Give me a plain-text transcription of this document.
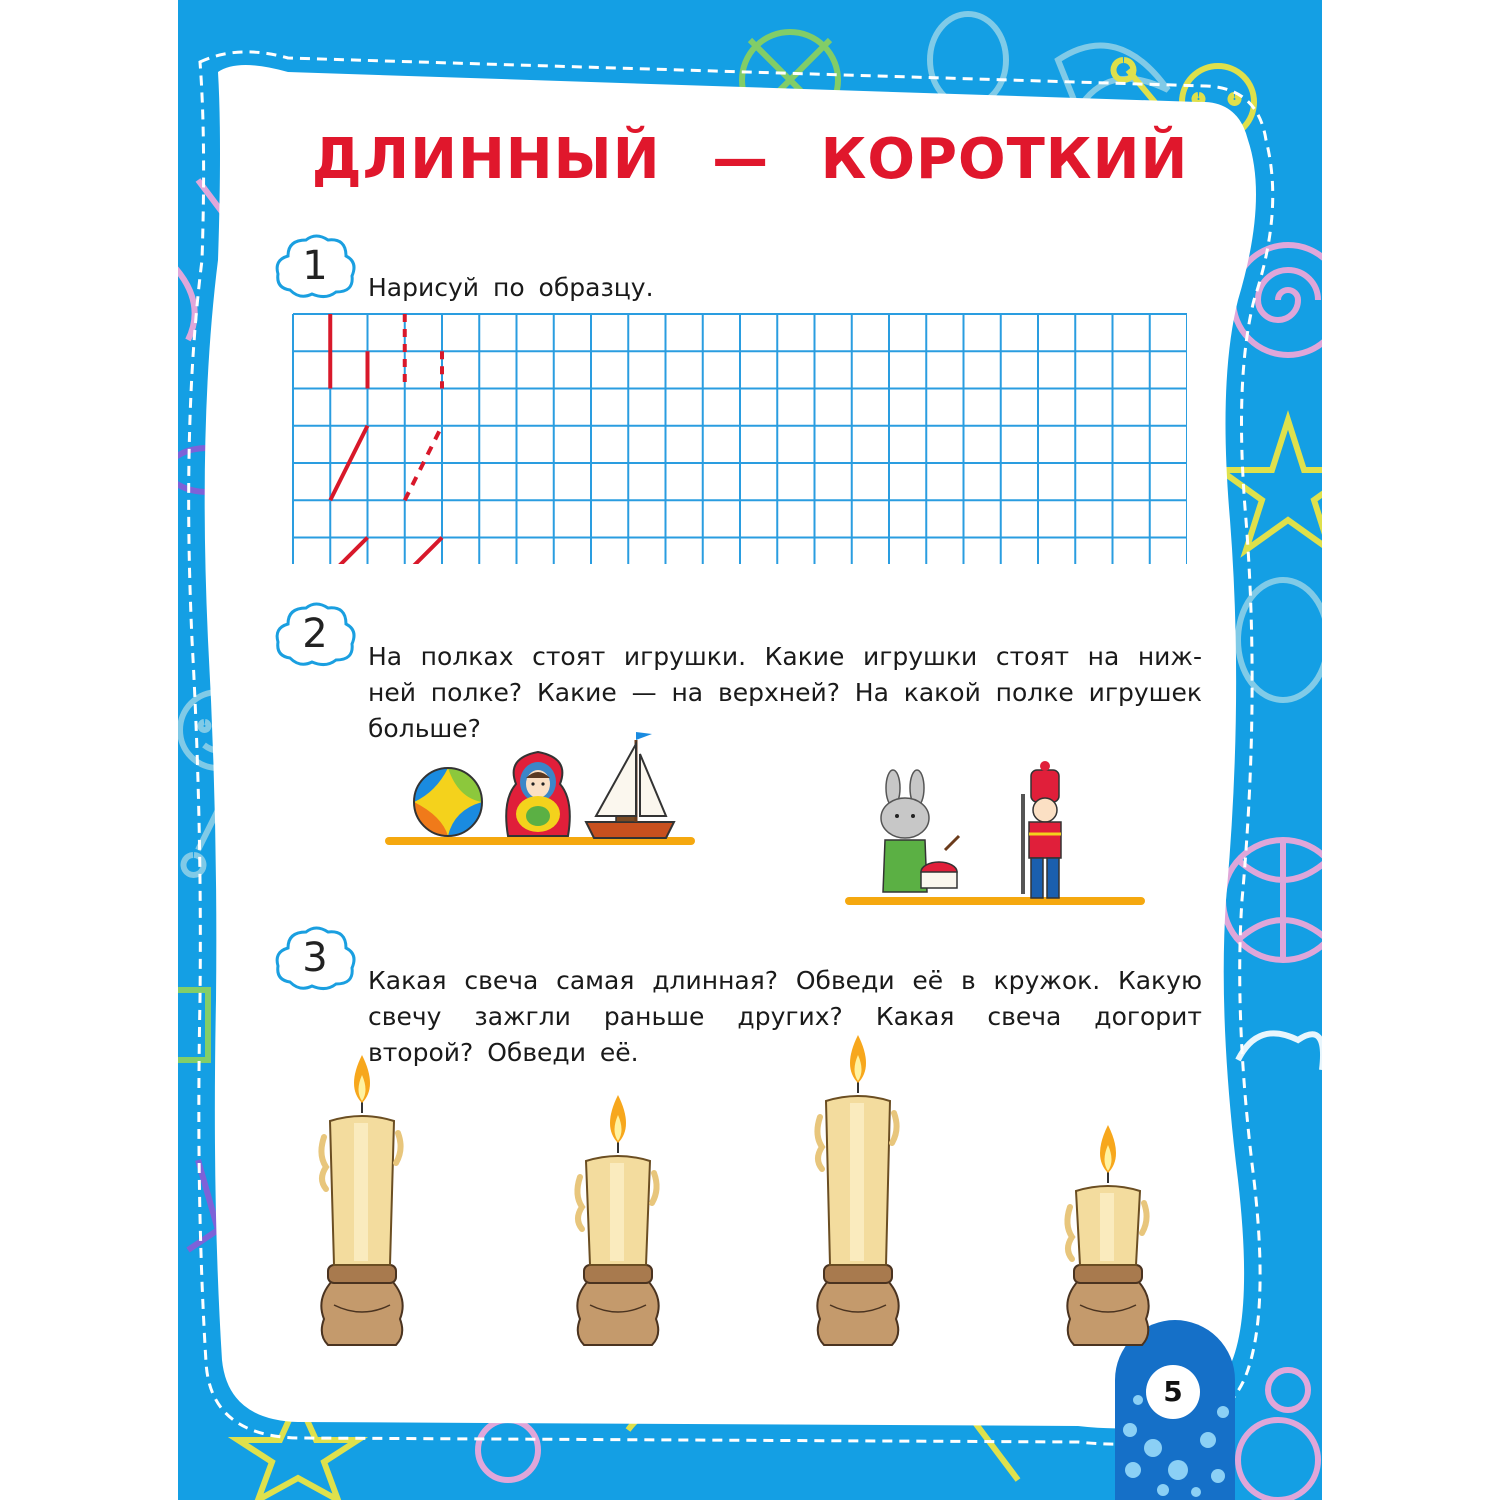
ДЛИННЫЙ — КОРОТКИЙ
1	Нарисуй по образцу.

2	На полках стоят игрушки. Какие игрушки стоят на нижней полке? Какие — на верхней? На какой полке игрушек больше?

3	Какая свеча самая длинная? Обведи её в кружок. Какую свечу зажгли раньше других? Какая свеча догорит второй? Обведи её.

5
